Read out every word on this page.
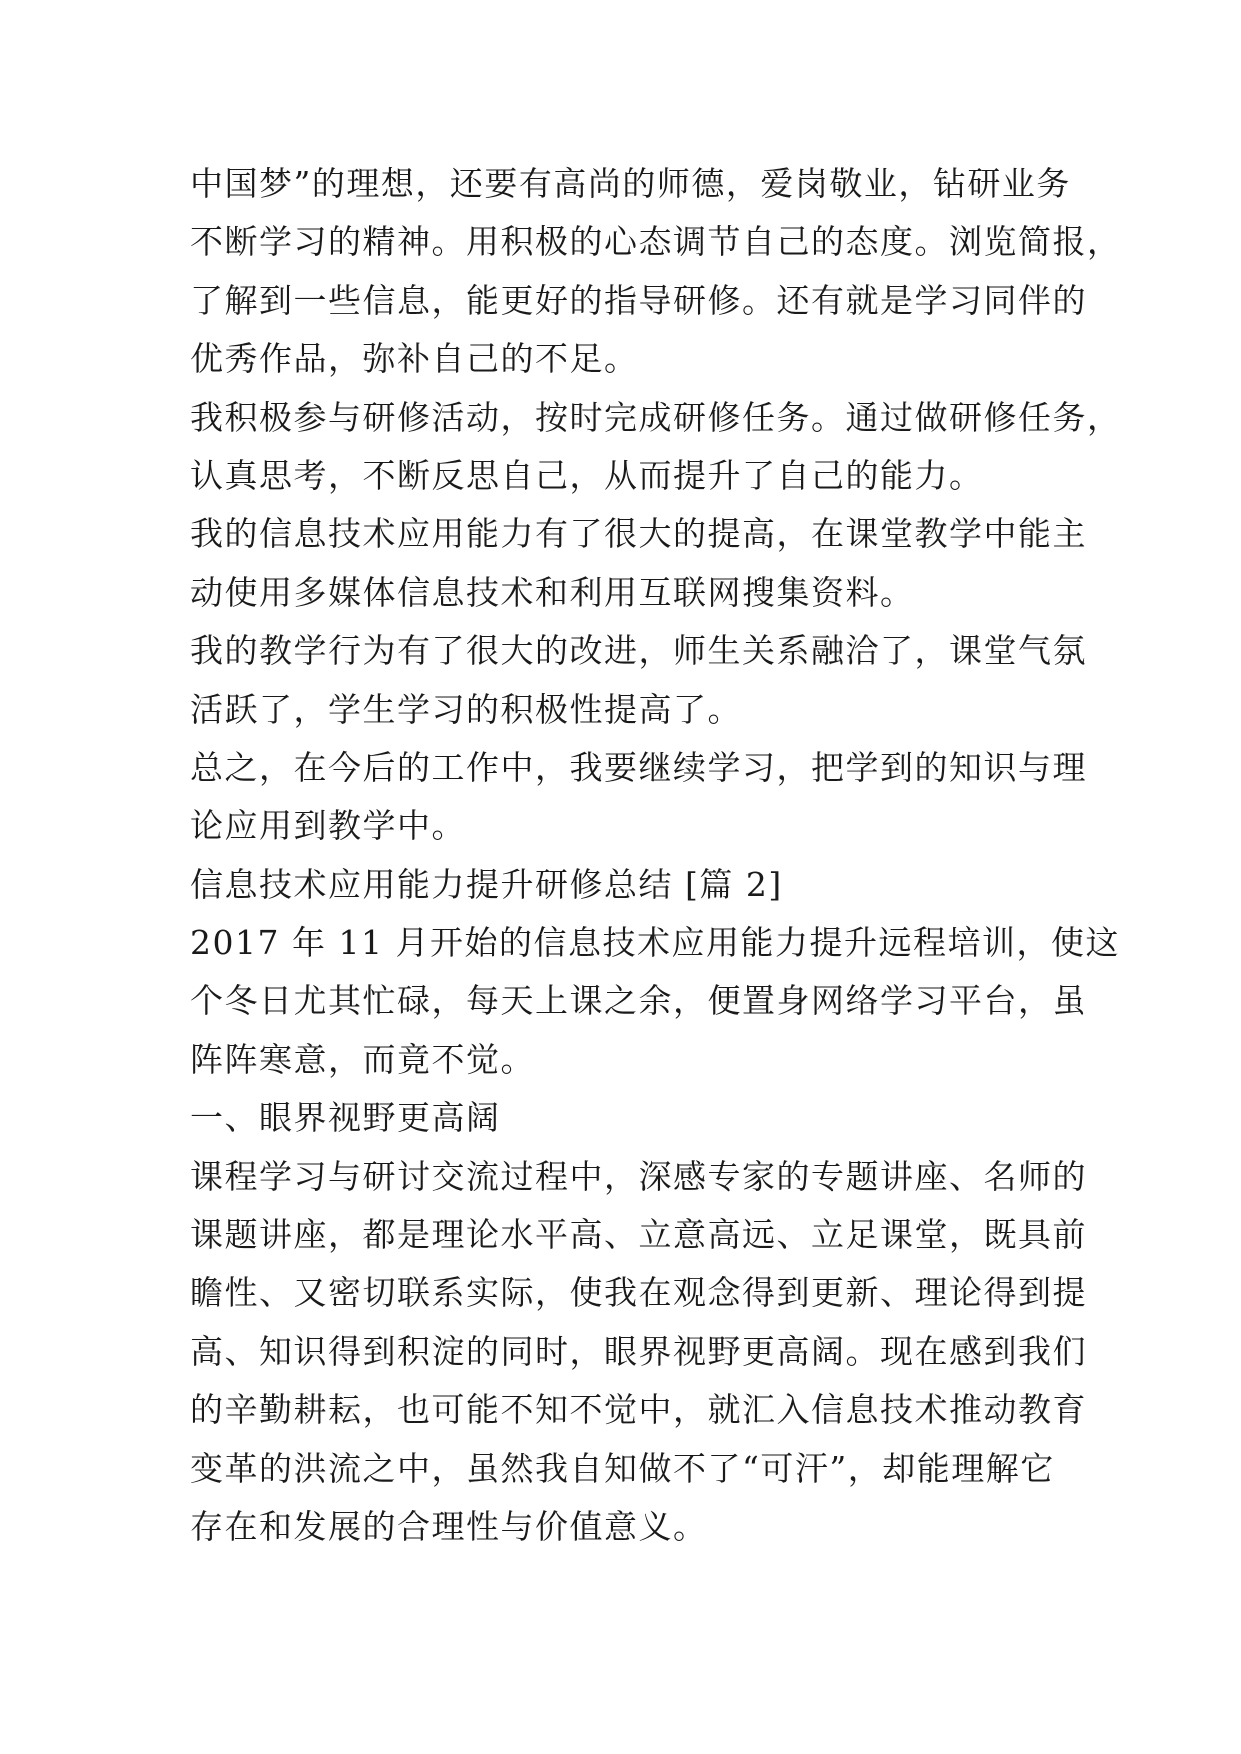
中国梦”的理想，还要有高尚的师德，爱岗敬业，钻研业务
不断学习的精神。用积极的心态调节自己的态度。浏览简报，
了解到一些信息，能更好的指导研修。还有就是学习同伴的
优秀作品，弥补自己的不足。
我积极参与研修活动，按时完成研修任务。通过做研修任务，
认真思考，不断反思自己，从而提升了自己的能力。
我的信息技术应用能力有了很大的提高，在课堂教学中能主
动使用多媒体信息技术和利用互联网搜集资料。
我的教学行为有了很大的改进，师生关系融洽了，课堂气氛
活跃了，学生学习的积极性提高了。
总之，在今后的工作中，我要继续学习，把学到的知识与理
论应用到教学中。
信息技术应用能力提升研修总结 [篇 2]
2017 年 11 月开始的信息技术应用能力提升远程培训，使这
个冬日尤其忙碌，每天上课之余，便置身网络学习平台，虽
阵阵寒意，而竟不觉。
一、眼界视野更高阔
课程学习与研讨交流过程中，深感专家的专题讲座、名师的
课题讲座，都是理论水平高、立意高远、立足课堂，既具前
瞻性、又密切联系实际，使我在观念得到更新、理论得到提
高、知识得到积淀的同时，眼界视野更高阔。现在感到我们
的辛勤耕耘，也可能不知不觉中，就汇入信息技术推动教育
变革的洪流之中，虽然我自知做不了“可汗”，却能理解它
存在和发展的合理性与价值意义。
